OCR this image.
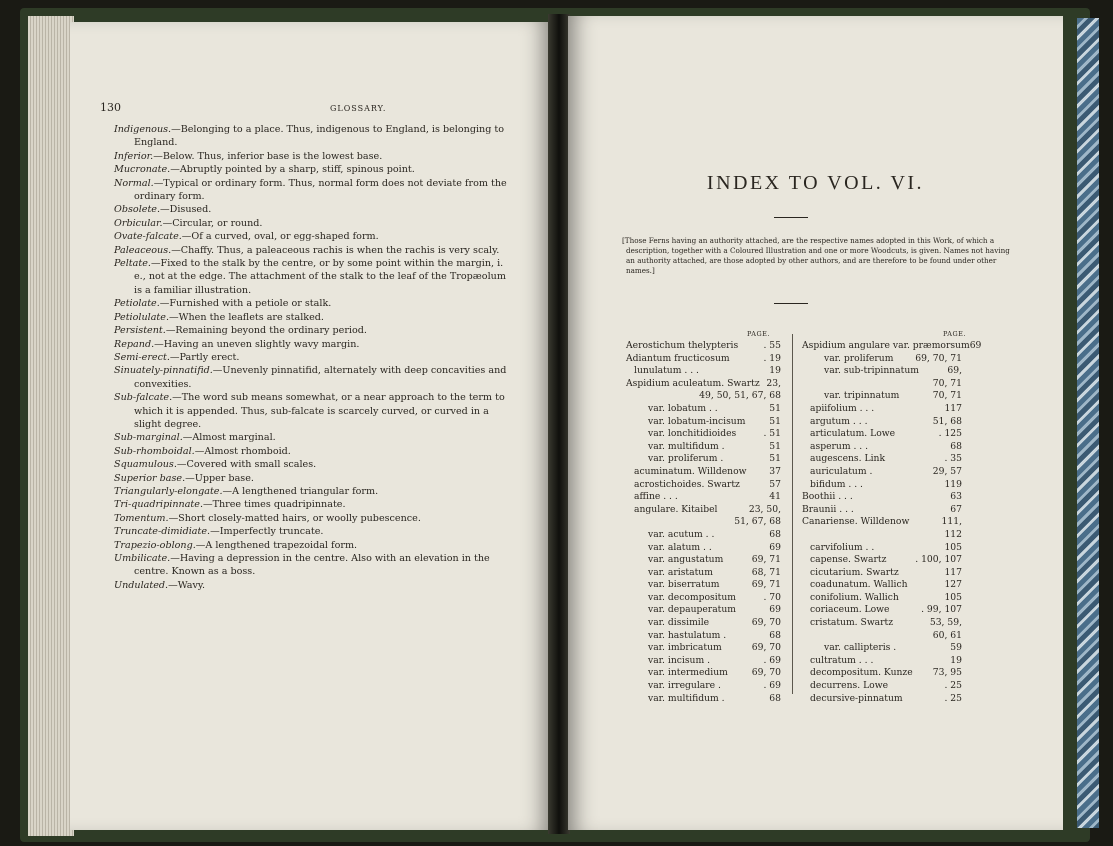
130	GLOSSARY.
Indigenous.—Belonging to a place. Thus, indigenous to England, is belonging to England.
Inferior.—Below. Thus, inferior base is the lowest base.
Mucronate.—Abruptly pointed by a sharp, stiff, spinous point.
Normal.—Typical or ordinary form. Thus, normal form does not deviate from the ordinary form.
Obsolete.—Disused.
Orbicular.—Circular, or round.
Ovate-falcate.—Of a curved, oval, or egg-shaped form.
Paleaceous.—Chaffy. Thus, a paleaceous rachis is when the rachis is very scaly.
Peltate.—Fixed to the stalk by the centre, or by some point within the margin, i. e., not at the edge. The attachment of the stalk to the leaf of the Tropæolum is a familiar illustration.
Petiolate.—Furnished with a petiole or stalk.
Petiolulate.—When the leaflets are stalked.
Persistent.—Remaining beyond the ordinary period.
Repand.—Having an uneven slightly wavy margin.
Semi-erect.—Partly erect.
Sinuately-pinnatifid.—Unevenly pinnatifid, alternately with deep concavities and convexities.
Sub-falcate.—The word sub means somewhat, or a near approach to the term to which it is appended. Thus, sub-falcate is scarcely curved, or curved in a slight degree.
Sub-marginal.—Almost marginal.
Sub-rhomboidal.—Almost rhomboid.
Squamulous.—Covered with small scales.
Superior base.—Upper base.
Triangularly-elongate.—A lengthened triangular form.
Tri-quadripinnate.—Three times quadripinnate.
Tomentum.—Short closely-matted hairs, or woolly pubescence.
Truncate-dimidiate.—Imperfectly truncate.
Trapezio-oblong.—A lengthened trapezoidal form.
Umbilicate.—Having a depression in the centre. Also with an elevation in the centre. Known as a boss.
Undulated.—Wavy.
INDEX TO VOL. VI.
[Those Ferns having an authority attached, are the respective names adopted in this Work, of which a description, together with a Coloured Illustration and one or more Woodcuts, is given. Names not having an authority attached, are those adopted by other authors, and are therefore to be found under other names.]
PAGE.	PAGE.
Aerostichum thelypteris	. 55
Adiantum fructicosum	. 19
lunulatum . . .	19
Aspidium aculeatum. Swartz 23,
49, 50, 51, 67, 68
var. lobatum . .	51
var. lobatum-incisum	51
var. lonchitidioides	. 51
var. multifidum .	51
var. proliferum .	51
acuminatum. Willdenow 37
acrostichoides. Swartz	57
affine . . .	41
angulare. Kitaibel	23, 50,
51, 67, 68
var. acutum . .	68
var. alatum . .	69
var. angustatum	69, 71
var. aristatum	68, 71
var. biserratum	69, 71
var. decompositum	. 70
var. depauperatum	69
var. dissimile	69, 70
var. hastulatum .	68
var. imbricatum	69, 70
var. incisum .	. 69
var. intermedium	69, 70
var. irregulare .	. 69
var. multifidum .	68
Aspidium angulare var. præmorsum 69
var. proliferum 69, 70, 71
var. sub-tripinnatum	69,
70, 71
var. tripinnatum	70, 71
apiifolium . . .	117
argutum . . .	51, 68
articulatum. Lowe	. 125
asperum . . .	68
augescens. Link	. 35
auriculatum .	29, 57
bifidum . . .	119
Boothii . . .	63
Braunii . . .	67
Canariense. Willdenow	111,
112
carvifolium . .	105
capense. Swartz	. 100, 107
cicutarium. Swartz	117
coadunatum. Wallich	127
conifolium. Wallich	105
coriaceum. Lowe	. 99, 107
cristatum. Swartz	53, 59,
60, 61
var. callipteris .	59
cultratum . . .	19
decompositum. Kunze 73, 95
decurrens. Lowe	. 25
decursive-pinnatum	. 25
